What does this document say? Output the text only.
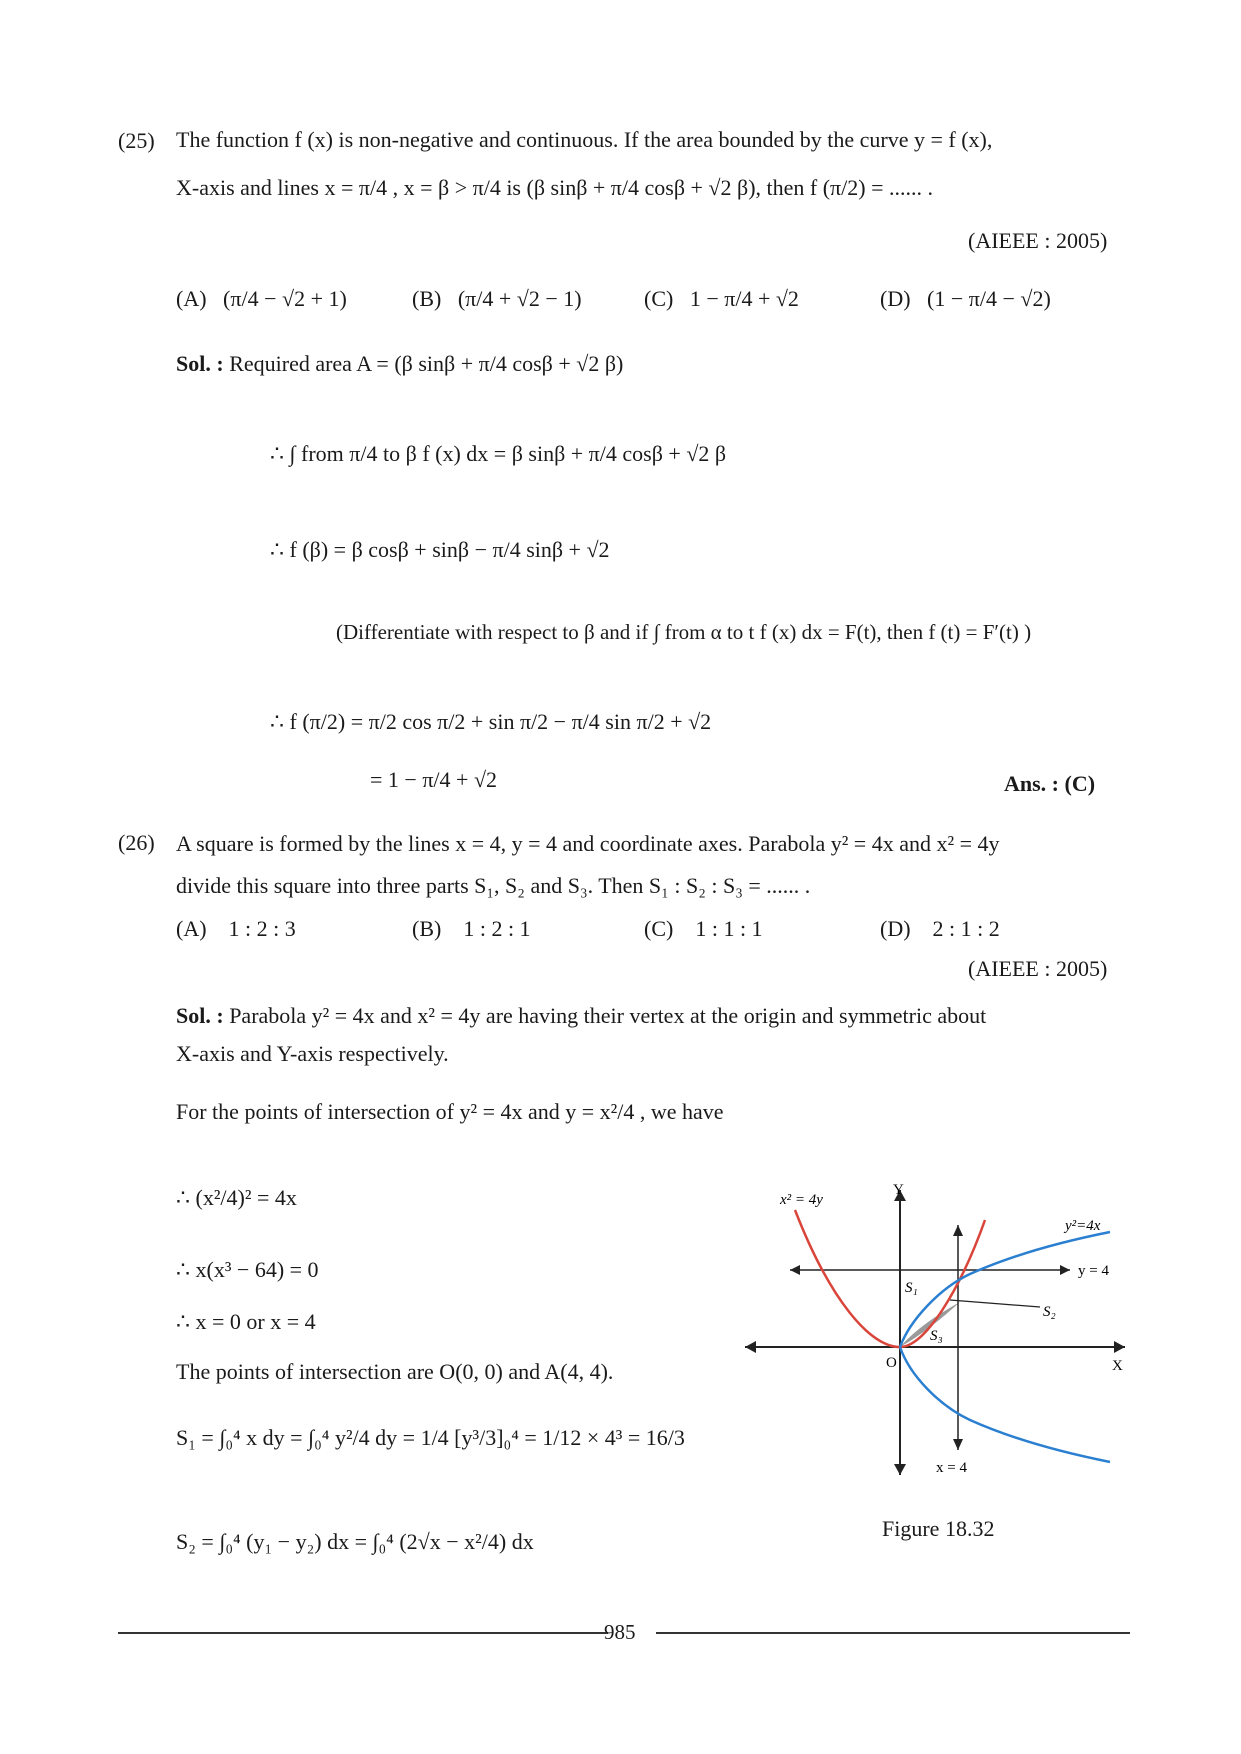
(25) The function f (x) is non-negative and continuous. If the area bounded by the curve y = f (x),
X-axis and lines x = π/4 , x = β > π/4 is (β sinβ + π/4 cosβ + √2 β), then f (π/2) = ...... .
(AIEEE : 2005)
(A) (π/4 − √2 + 1)	(B) (π/4 + √2 − 1)	(C) 1 − π/4 + √2	(D) (1 − π/4 − √2)
Sol. : Required area A = (β sinβ + π/4 cosβ + √2 β)
∴ ∫ from π/4 to β f (x) dx = β sinβ + π/4 cosβ + √2 β
∴ f (β) = β cosβ + sinβ − π/4 sinβ + √2
(Differentiate with respect to β and if ∫ from α to t f (x) dx = F(t), then f (t) = F′(t) )
∴ f (π/2) = π/2 cos π/2 + sin π/2 − π/4 sin π/2 + √2
= 1 − π/4 + √2	Ans. : (C)
(26) A square is formed by the lines x = 4, y = 4 and coordinate axes. Parabola y² = 4x and x² = 4y
divide this square into three parts S₁, S₂ and S₃. Then S₁ : S₂ : S₃ = ...... .
(A) 1 : 2 : 3	(B) 1 : 2 : 1	(C) 1 : 1 : 1	(D) 2 : 1 : 2
(AIEEE : 2005)
Sol. : Parabola y² = 4x and x² = 4y are having their vertex at the origin and symmetric about
X-axis and Y-axis respectively.
For the points of intersection of y² = 4x and y = x²/4 , we have
∴ (x²/4)² = 4x
∴ x(x³ − 64) = 0
∴ x = 0 or x = 4
The points of intersection are O(0, 0) and A(4, 4).
S₁ = ∫₀⁴ x dy = ∫₀⁴ y²/4 dy = 1/4 [y³/3]₀⁴ = 1/12 × 4³ = 16/3
S₂ = ∫₀⁴ (y₁ − y₂) dx = ∫₀⁴ (2√x − x²/4) dx
x² = 4y
y²=4x
Y
X
O
y = 4
x = 4
S₁
S₂
S₃
Figure 18.32
985
